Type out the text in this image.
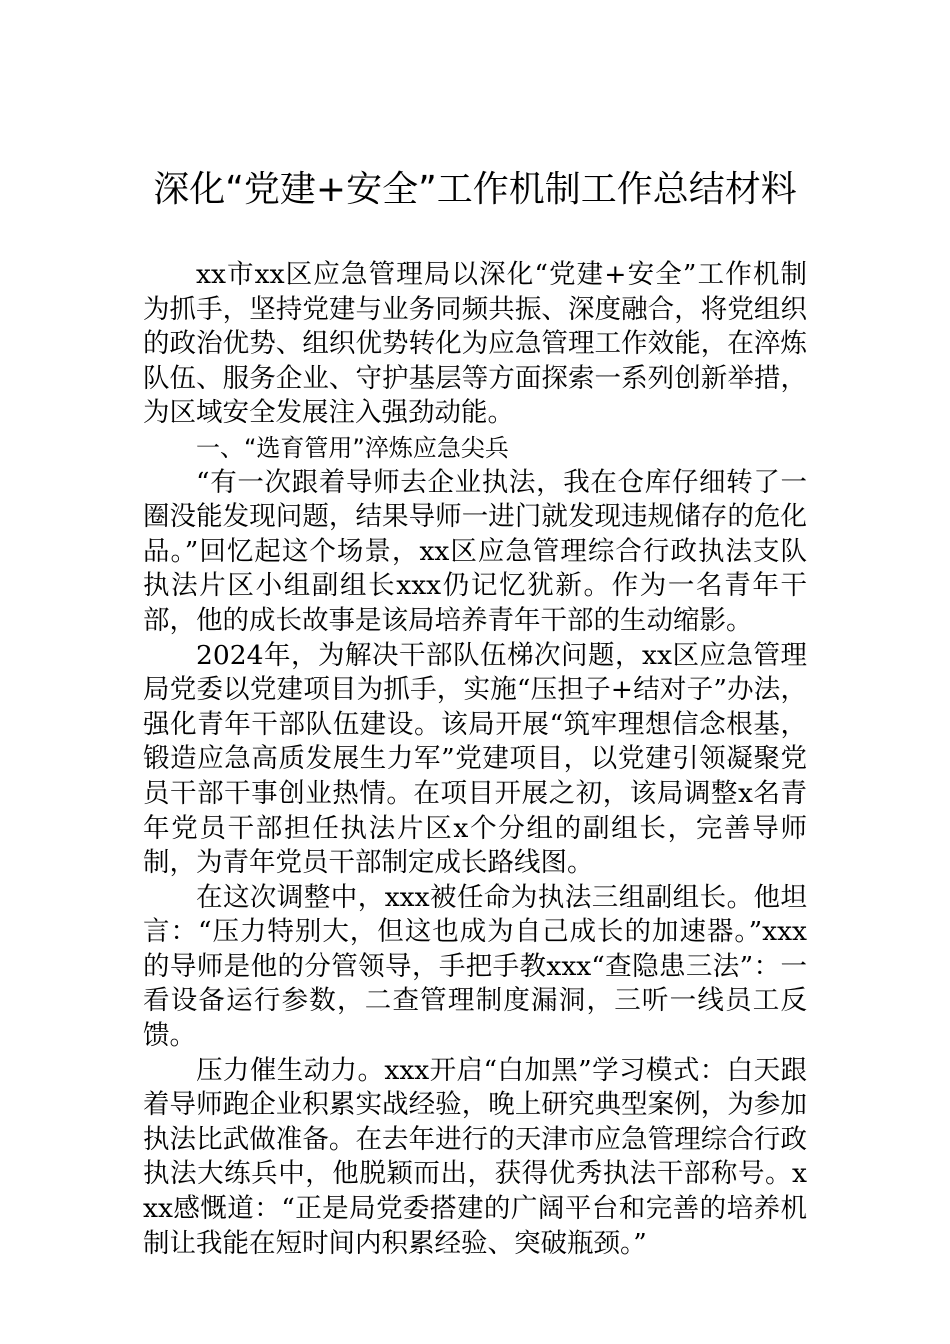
深化“党建+安全”工作机制工作总结材料

xx市xx区应急管理局以深化“党建+安全”工作机制为抓手，坚持党建与业务同频共振、深度融合，将党组织的政治优势、组织优势转化为应急管理工作效能，在淬炼队伍、服务企业、守护基层等方面探索一系列创新举措，为区域安全发展注入强劲动能。

一、“选育管用”淬炼应急尖兵

“有一次跟着导师去企业执法，我在仓库仔细转了一圈没能发现问题，结果导师一进门就发现违规储存的危化品。”回忆起这个场景，xx区应急管理综合行政执法支队执法片区小组副组长xxx仍记忆犹新。作为一名青年干部，他的成长故事是该局培养青年干部的生动缩影。

2024年，为解决干部队伍梯次问题，xx区应急管理局党委以党建项目为抓手，实施“压担子+结对子”办法，强化青年干部队伍建设。该局开展“筑牢理想信念根基，锻造应急高质发展生力军”党建项目，以党建引领凝聚党员干部干事创业热情。在项目开展之初，该局调整x名青年党员干部担任执法片区x个分组的副组长，完善导师制，为青年党员干部制定成长路线图。

在这次调整中，xxx被任命为执法三组副组长。他坦言：“压力特别大，但这也成为自己成长的加速器。”xxx的导师是他的分管领导，手把手教xxx“查隐患三法”：一看设备运行参数，二查管理制度漏洞，三听一线员工反馈。

压力催生动力。xxx开启“白加黑”学习模式：白天跟着导师跑企业积累实战经验，晚上研究典型案例，为参加执法比武做准备。在去年进行的天津市应急管理综合行政执法大练兵中，他脱颖而出，获得优秀执法干部称号。xxx感慨道：“正是局党委搭建的广阔平台和完善的培养机制让我能在短时间内积累经验、突破瓶颈。”
